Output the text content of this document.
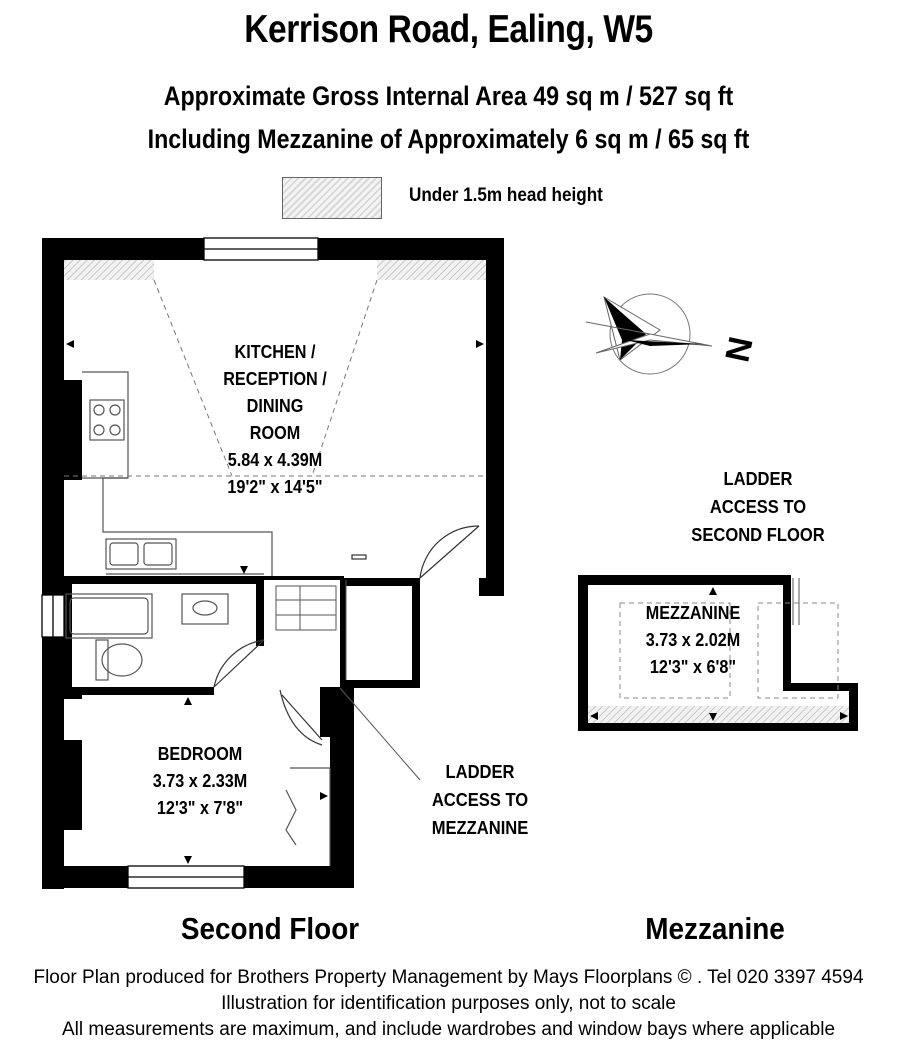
Kerrison Road, Ealing, W5
Approximate Gross Internal Area 49 sq m / 527 sq ft
Including Mezzanine of Approximately 6 sq m / 65 sq ft
Under 1.5m head height
N
KITCHEN /
RECEPTION /
DINING
ROOM
5.84 x 4.39M
19'2" x 14'5"
BEDROOM
3.73 x 2.33M
12'3" x 7'8"
MEZZANINE
3.73 x 2.02M
12'3" x 6'8"
LADDER
ACCESS TO
MEZZANINE
LADDER
ACCESS TO
SECOND FLOOR
Second Floor	Mezzanine
Floor Plan produced for Brothers Property Management by Mays Floorplans © . Tel 020 3397 4594
Illustration for identification purposes only, not to scale
All measurements are maximum, and include wardrobes and window bays where applicable
